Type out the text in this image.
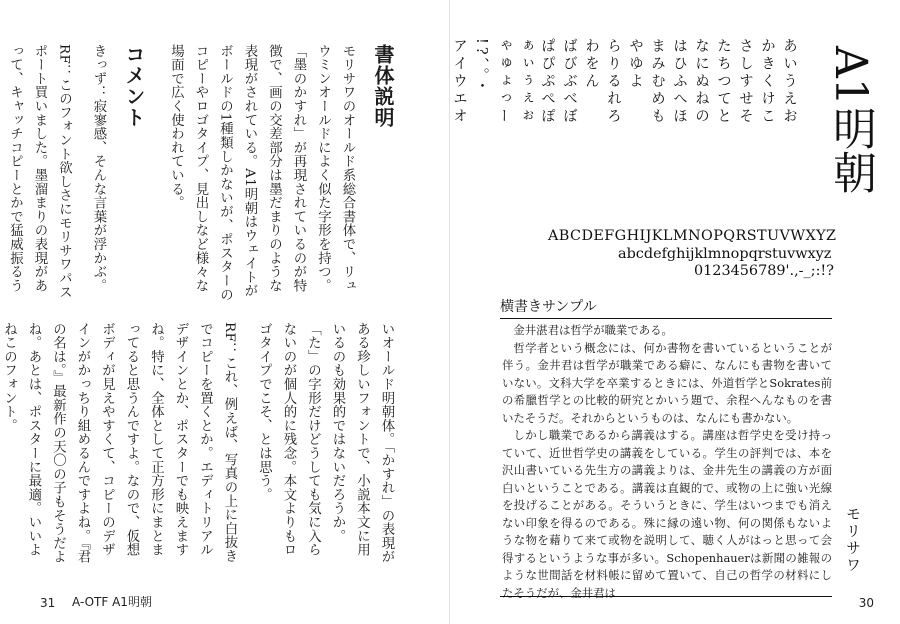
書体説明

モリサワのオールド系総合書体で、リュウミンオールドによく似た字形を持つ。「墨のかすれ」が再現されているのが特徴で、画の交差部分は墨だまりのような表現がされている。A1明朝はウェイトがボールドの1種類しかないが、ポスターのコピーやロゴタイプ、見出しなど様々な場面で広く使われている。

コメント

きっず：寂寥感、そんな言葉が浮かぶ。

RF：このフォント欲しさにモリサワパスポート買いました。墨溜まりの表現があって、キャッチコピーとかで猛威振るう

いオールド明朝体。「かすれ」の表現がある珍しいフォントで、小説本文に用いるのも効果的ではないだろうか。「た」の字形だけどうしても気に入らないのが個人的に残念。本文よりもロゴタイプでこそ、とは思う。

RF：これ、例えば、写真の上に白抜きでコピーを置くとか。エディトリアルデザインとか、ポスターでも映えますね。特に、全体として正方形にまとまってると思うんですよ。なので、仮想ボディが見えやすくて、コピーのデザインがかっちり組めるんですよね。『君の名は。』最新作の天〇の子もそうだよね。あとは、ポスターに最適。いいよねこのフォント。

31 A-OTF A1明朝
A1明朝
あいうえお
かきくけこ
さしすせそ
たちつてと
なにぬねの
はひふへほ
まみむめも
やゆよ
らりるれろ
わをん
ばびぶべぼ
ぱぴぷぺぽ
ぁぃぅぇぉ
ゃゅょっー
!?、。・
アイウエオ
ABCDEFGHIJKLMNOPQRSTUVWXYZ
abcdefghijklmnopqrstuvwxyz
0123456789'.,-_;:!?
横書きサンプル

金井湛君は哲学が職業である。

哲学者という概念には、何か書物を書いているということが伴う。金井君は哲学が職業である癖に、なんにも書物を書いていない。文科大学を卒業するときには、外道哲学とSokrates前の希臘哲学との比較的研究とかいう題で、余程へんなものを書いたそうだ。それからというものは、なんにも書かない。

しかし職業であるから講義はする。講座は哲学史を受け持っていて、近世哲学史の講義をしている。学生の評判では、本を沢山書いている先生方の講義よりは、金井先生の講義の方が面白いということである。講義は直観的で、或物の上に強い光線を投げることがある。そういうときに、学生はいつまでも消えない印象を得るのである。殊に縁の遠い物、何の関係もないような物を藉りて来て或物を説明して、聴く人がはっと思って会得するというような事が多い。Schopenhauerは新聞の雑報のような世間話を材料帳に留めて置いて、自己の哲学の材料にしたそうだが、金井君は

モリサワ
30
